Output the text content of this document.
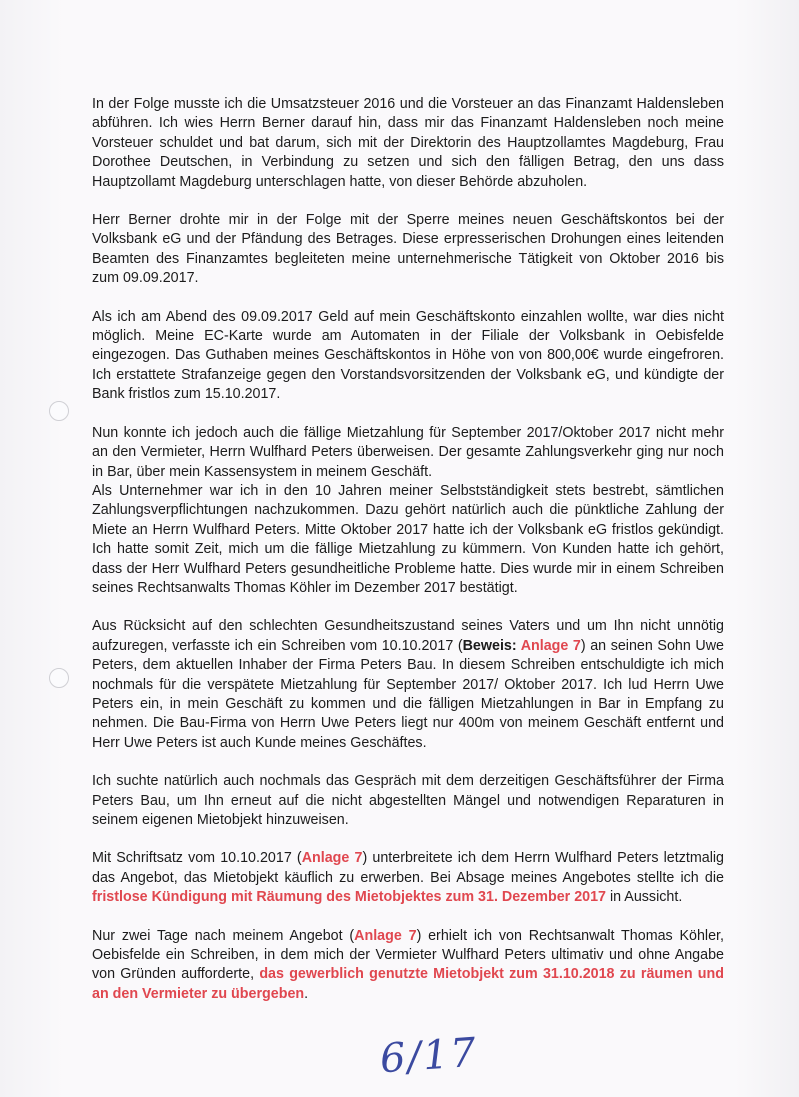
In der Folge musste ich die Umsatzsteuer 2016 und die Vorsteuer an das Finanzamt Haldensleben abführen. Ich wies Herrn Berner darauf hin, dass mir das Finanzamt Haldensleben noch meine Vorsteuer schuldet und bat darum, sich mit der Direktorin des Hauptzollamtes Magdeburg, Frau Dorothee Deutschen, in Verbindung zu setzen und sich den fälligen Betrag, den uns dass Hauptzollamt Magdeburg unterschlagen hatte, von dieser Behörde abzuholen.

Herr Berner drohte mir in der Folge mit der Sperre meines neuen Geschäftskontos bei der Volksbank eG und der Pfändung des Betrages. Diese erpresserischen Drohungen eines leitenden Beamten des Finanzamtes begleiteten meine unternehmerische Tätigkeit von Oktober 2016 bis zum 09.09.2017.

Als ich am Abend des 09.09.2017 Geld auf mein Geschäftskonto einzahlen wollte, war dies nicht möglich. Meine EC-Karte wurde am Automaten in der Filiale der Volksbank in Oebisfelde eingezogen. Das Guthaben meines Geschäftskontos in Höhe von von 800,00€ wurde eingefroren. Ich erstattete Strafanzeige gegen den Vorstandsvorsitzenden der Volksbank eG, und kündigte der Bank fristlos zum 15.10.2017.

Nun konnte ich jedoch auch die fällige Mietzahlung für September 2017/Oktober 2017 nicht mehr an den Vermieter, Herrn Wulfhard Peters überweisen. Der gesamte Zahlungsverkehr ging nur noch in Bar, über mein Kassensystem in meinem Geschäft.

Als Unternehmer war ich in den 10 Jahren meiner Selbstständigkeit stets bestrebt, sämtlichen Zahlungsverpflichtungen nachzukommen. Dazu gehört natürlich auch die pünktliche Zahlung der Miete an Herrn Wulfhard Peters. Mitte Oktober 2017 hatte ich der Volksbank eG fristlos gekündigt. Ich hatte somit Zeit, mich um die fällige Mietzahlung zu kümmern. Von Kunden hatte ich gehört, dass der Herr Wulfhard Peters gesundheitliche Probleme hatte. Dies wurde mir in einem Schreiben seines Rechtsanwalts Thomas Köhler im Dezember 2017 bestätigt.

Aus Rücksicht auf den schlechten Gesundheitszustand seines Vaters und um Ihn nicht unnötig aufzuregen, verfasste ich ein Schreiben vom 10.10.2017 (Beweis: Anlage 7) an seinen Sohn Uwe Peters, dem aktuellen Inhaber der Firma Peters Bau. In diesem Schreiben entschuldigte ich mich nochmals für die verspätete Mietzahlung für September 2017/ Oktober 2017. Ich lud Herrn Uwe Peters ein, in mein Geschäft zu kommen und die fälligen Mietzahlungen in Bar in Empfang zu nehmen. Die Bau-Firma von Herrn Uwe Peters liegt nur 400m von meinem Geschäft entfernt und Herr Uwe Peters ist auch Kunde meines Geschäftes.

Ich suchte natürlich auch nochmals das Gespräch mit dem derzeitigen Geschäftsführer der Firma Peters Bau, um Ihn erneut auf die nicht abgestellten Mängel und notwendigen Reparaturen in seinem eigenen Mietobjekt hinzuweisen.

Mit Schriftsatz vom 10.10.2017 (Anlage 7) unterbreitete ich dem Herrn Wulfhard Peters letztmalig das Angebot, das Mietobjekt käuflich zu erwerben. Bei Absage meines Angebotes stellte ich die fristlose Kündigung mit Räumung des Mietobjektes zum 31. Dezember 2017 in Aussicht.

Nur zwei Tage nach meinem Angebot (Anlage 7) erhielt ich von Rechtsanwalt Thomas Köhler, Oebisfelde ein Schreiben, in dem mich der Vermieter Wulfhard Peters ultimativ und ohne Angabe von Gründen aufforderte, das gewerblich genutzte Mietobjekt zum 31.10.2018 zu räumen und an den Vermieter zu übergeben.

6/17
